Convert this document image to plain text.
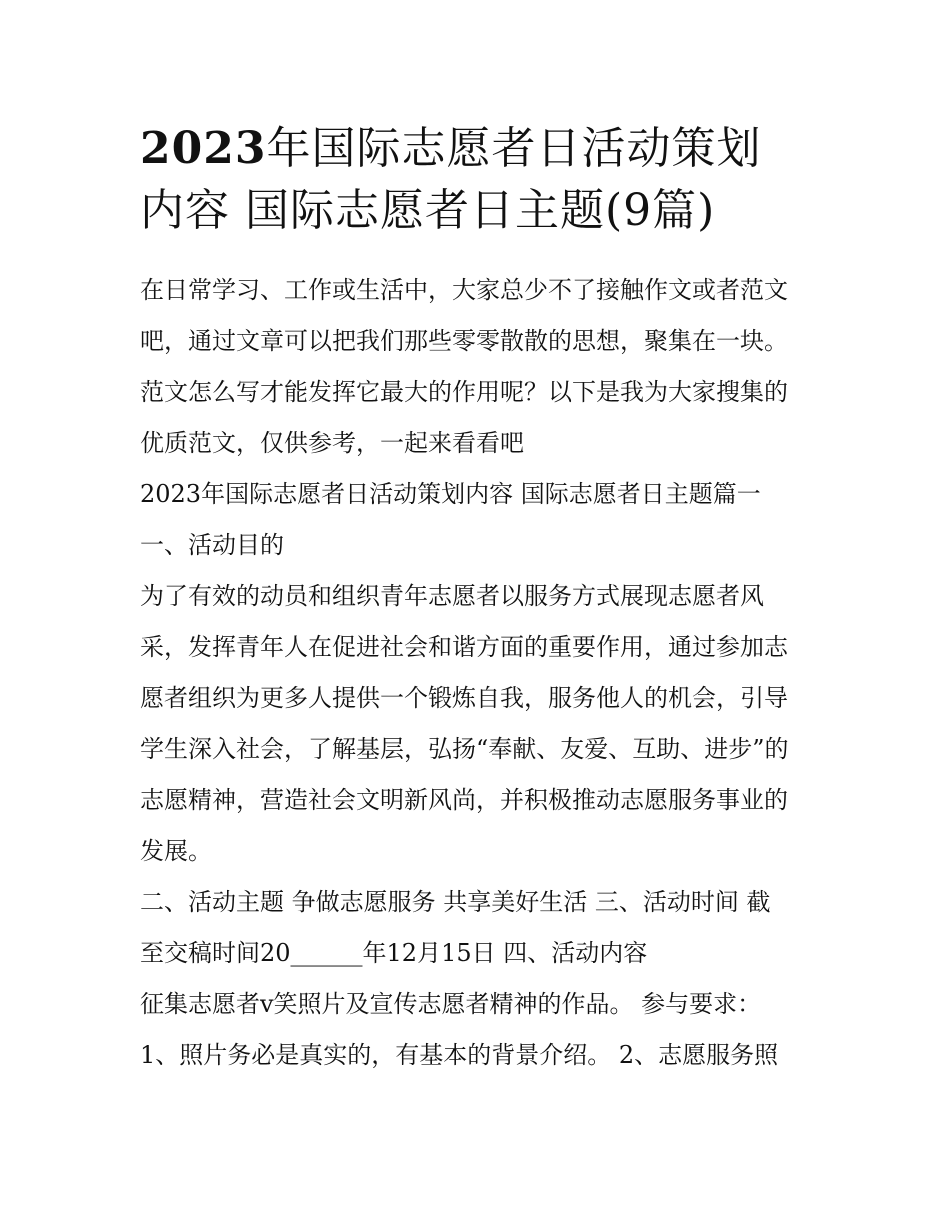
2023年国际志愿者日活动策划
内容 国际志愿者日主题(9篇)
在日常学习、工作或生活中，大家总少不了接触作文或者范文
吧，通过文章可以把我们那些零零散散的思想，聚集在一块。
范文怎么写才能发挥它最大的作用呢？以下是我为大家搜集的
优质范文，仅供参考，一起来看看吧
2023年国际志愿者日活动策划内容 国际志愿者日主题篇一
一、活动目的
为了有效的动员和组织青年志愿者以服务方式展现志愿者风
采，发挥青年人在促进社会和谐方面的重要作用，通过参加志
愿者组织为更多人提供一个锻炼自我，服务他人的机会，引导
学生深入社会，了解基层，弘扬“奉献、友爱、互助、进步”的
志愿精神，营造社会文明新风尚，并积极推动志愿服务事业的
发展。
二、活动主题 争做志愿服务 共享美好生活 三、活动时间 截
至交稿时间20______年12月15日 四、活动内容
征集志愿者v笑照片及宣传志愿者精神的作品。 参与要求：
1、照片务必是真实的，有基本的背景介绍。 2、志愿服务照
